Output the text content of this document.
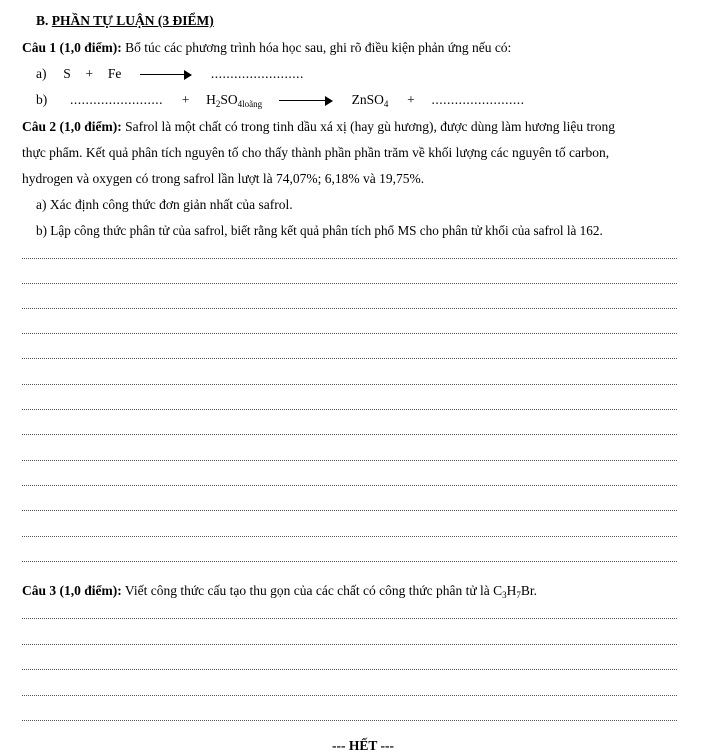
B. PHẦN TỰ LUẬN (3 ĐIỂM)
Câu 1 (1,0 điểm): Bổ túc các phương trình hóa học sau, ghi rõ điều kiện phản ứng nếu có:
a) S + Fe	........................
b) ........................ + $H_2SO_{4loãng}$	ZnSO$_4$ + ........................
Câu 2 (1,0 điểm): Safrol là một chất có trong tinh dầu xá xị (hay gù hương), được dùng làm hương liệu trong
thực phẩm. Kết quả phân tích nguyên tố cho thấy thành phần phần trăm về khối lượng các nguyên tố carbon,
hydrogen và oxygen có trong safrol lần lượt là 74,07%; 6,18% và 19,75%.
a) Xác định công thức đơn giản nhất của safrol.
b) Lập công thức phân tử của safrol, biết rằng kết quả phân tích phổ MS cho phân tử khối của safrol là 162.
Câu 3 (1,0 điểm): Viết công thức cấu tạo thu gọn của các chất có công thức phân tử là $C_3H_7Br$.
--- HẾT ---
